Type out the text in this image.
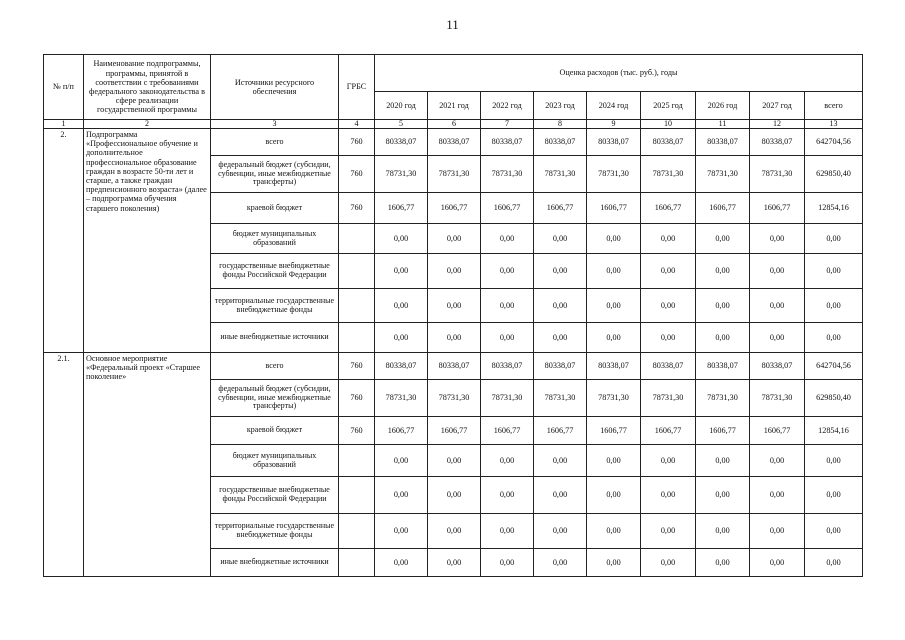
11
№ п/п	Наименование подпрограммы, программы, принятой в соответствии с требованиями федерального законодательства в сфере реализации государственной программы	Источники ресурсного обеспечения	ГРБС	Оценка расходов (тыс. руб.), годы								
				2020 год	2021 год	2022 год	2023 год	2024 год	2025 год	2026 год	2027 год	всего
1	2	3	4	5	6	7	8	9	10	11	12	13
2.	Подпрограмма «Профессиональное обучение и дополнительное профессиональное образование граждан в возрасте 50-ти лет и старше, а также граждан предпенсионного возраста» (далее – подпрограмма обучения старшего поколения)	всего	760	80338,07	80338,07	80338,07	80338,07	80338,07	80338,07	80338,07	80338,07	642704,56
		федеральный бюджет (субсидии, субвенции, иные межбюджетные трансферты)	760	78731,30	78731,30	78731,30	78731,30	78731,30	78731,30	78731,30	78731,30	629850,40
		краевой бюджет	760	1606,77	1606,77	1606,77	1606,77	1606,77	1606,77	1606,77	1606,77	12854,16
		бюджет муниципальных образований		0,00	0,00	0,00	0,00	0,00	0,00	0,00	0,00	0,00
		государственные внебюджетные фонды Российской Федерации		0,00	0,00	0,00	0,00	0,00	0,00	0,00	0,00	0,00
		территориальные государственные внебюджетные фонды		0,00	0,00	0,00	0,00	0,00	0,00	0,00	0,00	0,00
		иные внебюджетные источники		0,00	0,00	0,00	0,00	0,00	0,00	0,00	0,00	0,00
2.1.	Основное мероприятие «Федеральный проект «Старшее поколение»	всего	760	80338,07	80338,07	80338,07	80338,07	80338,07	80338,07	80338,07	80338,07	642704,56
		федеральный бюджет (субсидии, субвенции, иные межбюджетные трансферты)	760	78731,30	78731,30	78731,30	78731,30	78731,30	78731,30	78731,30	78731,30	629850,40
		краевой бюджет	760	1606,77	1606,77	1606,77	1606,77	1606,77	1606,77	1606,77	1606,77	12854,16
		бюджет муниципальных образований		0,00	0,00	0,00	0,00	0,00	0,00	0,00	0,00	0,00
		государственные внебюджетные фонды Российской Федерации		0,00	0,00	0,00	0,00	0,00	0,00	0,00	0,00	0,00
		территориальные государственные внебюджетные фонды		0,00	0,00	0,00	0,00	0,00	0,00	0,00	0,00	0,00
		иные внебюджетные источники		0,00	0,00	0,00	0,00	0,00	0,00	0,00	0,00	0,00
